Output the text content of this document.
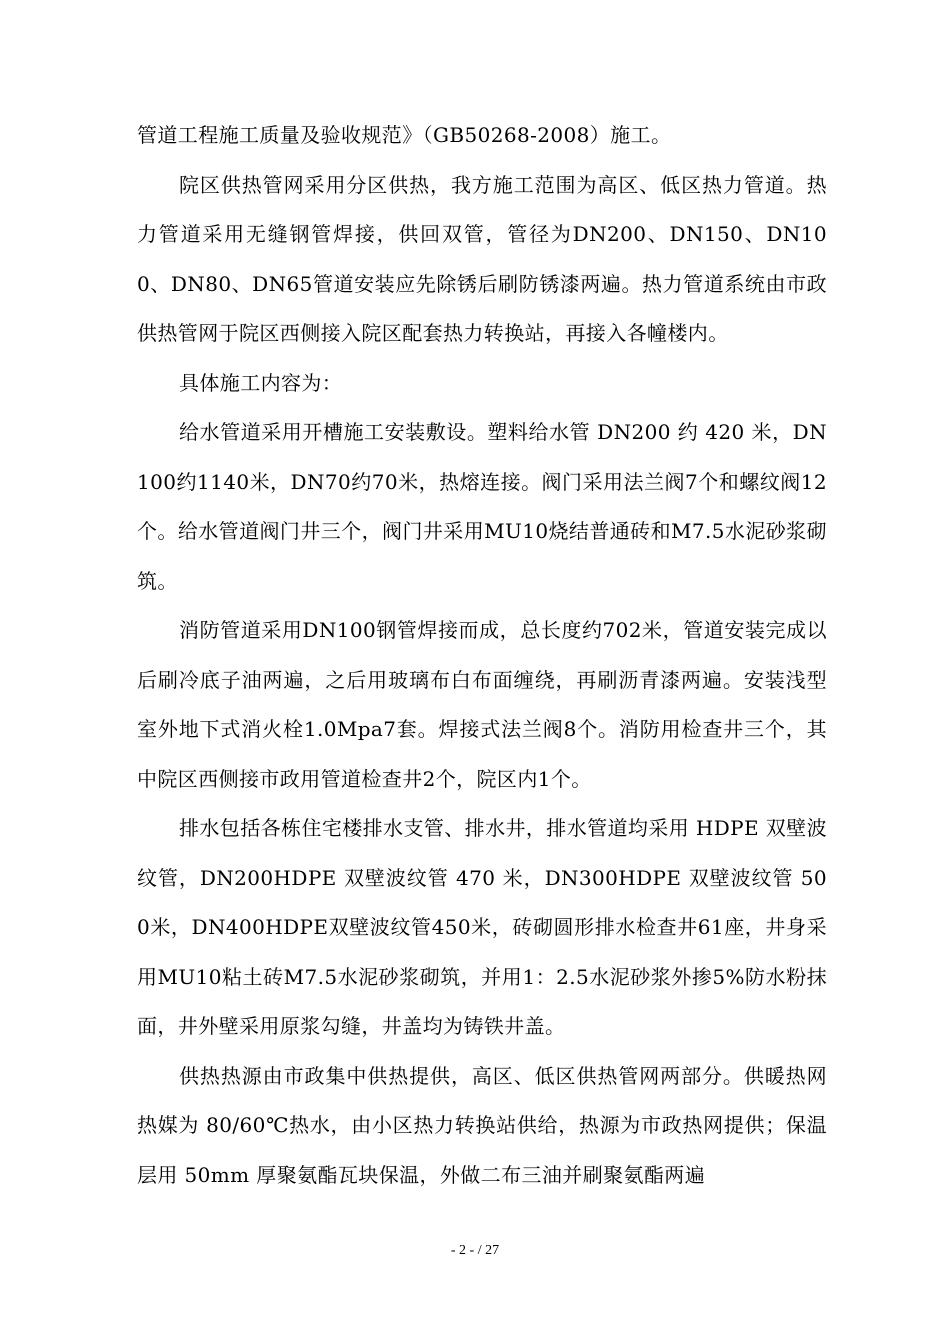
管道工程施工质量及验收规范》（GB50268-2008）施工。

院区供热管网采用分区供热，我方施工范围为高区、低区热力管道。热力管道采用无缝钢管焊接，供回双管，管径为DN200、DN150、DN100、DN80、DN65管道安装应先除锈后刷防锈漆两遍。热力管道系统由市政供热管网于院区西侧接入院区配套热力转换站，再接入各幢楼内。

具体施工内容为：

给水管道采用开槽施工安装敷设。塑料给水管 DN200 约 420 米，DN100约1140米，DN70约70米，热熔连接。阀门采用法兰阀7个和螺纹阀12个。给水管道阀门井三个，阀门井采用MU10烧结普通砖和M7.5水泥砂浆砌筑。

消防管道采用DN100钢管焊接而成，总长度约702米，管道安装完成以后刷冷底子油两遍，之后用玻璃布白布面缠绕，再刷沥青漆两遍。安装浅型室外地下式消火栓1.0Mpa7套。焊接式法兰阀8个。消防用检查井三个，其中院区西侧接市政用管道检查井2个，院区内1个。

排水包括各栋住宅楼排水支管、排水井，排水管道均采用 HDPE 双壁波纹管，DN200HDPE 双壁波纹管 470 米，DN300HDPE 双壁波纹管 500米，DN400HDPE双壁波纹管450米，砖砌圆形排水检查井61座，井身采用MU10粘土砖M7.5水泥砂浆砌筑，并用1：2.5水泥砂浆外掺5%防水粉抹面，井外壁采用原浆勾缝，井盖均为铸铁井盖。

供热热源由市政集中供热提供，高区、低区供热管网两部分。供暖热网热媒为 80/60℃热水，由小区热力转换站供给，热源为市政热网提供；保温层用 50mm 厚聚氨酯瓦块保温，外做二布三油并刷聚氨酯两遍

- 2 - / 27
